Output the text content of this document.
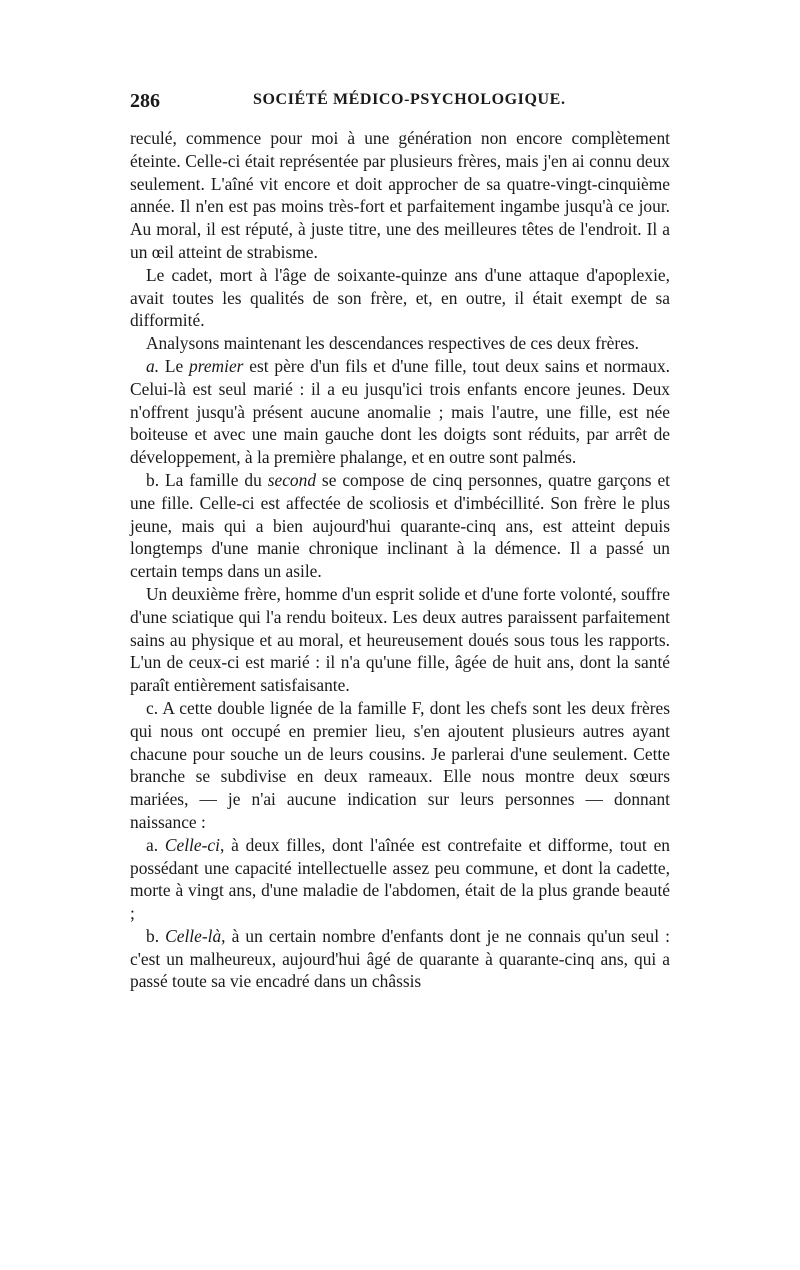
286	SOCIÉTÉ MÉDICO-PSYCHOLOGIQUE.

reculé, commence pour moi à une génération non encore complètement éteinte. Celle-ci était représentée par plusieurs frères, mais j'en ai connu deux seulement. L'aîné vit encore et doit approcher de sa quatre-vingt-cinquième année. Il n'en est pas moins très-fort et parfaitement ingambe jusqu'à ce jour. Au moral, il est réputé, à juste titre, une des meilleures têtes de l'endroit. Il a un œil atteint de strabisme.

Le cadet, mort à l'âge de soixante-quinze ans d'une attaque d'apoplexie, avait toutes les qualités de son frère, et, en outre, il était exempt de sa difformité.

Analysons maintenant les descendances respectives de ces deux frères.

a. Le premier est père d'un fils et d'une fille, tout deux sains et normaux. Celui-là est seul marié : il a eu jusqu'ici trois enfants encore jeunes. Deux n'offrent jusqu'à présent aucune anomalie ; mais l'autre, une fille, est née boiteuse et avec une main gauche dont les doigts sont réduits, par arrêt de développement, à la première phalange, et en outre sont palmés.

b. La famille du second se compose de cinq personnes, quatre garçons et une fille. Celle-ci est affectée de scoliosis et d'imbécillité. Son frère le plus jeune, mais qui a bien aujourd'hui quarante-cinq ans, est atteint depuis longtemps d'une manie chronique inclinant à la démence. Il a passé un certain temps dans un asile.

Un deuxième frère, homme d'un esprit solide et d'une forte volonté, souffre d'une sciatique qui l'a rendu boiteux. Les deux autres paraissent parfaitement sains au physique et au moral, et heureusement doués sous tous les rapports. L'un de ceux-ci est marié : il n'a qu'une fille, âgée de huit ans, dont la santé paraît entièrement satisfaisante.

c. A cette double lignée de la famille F, dont les chefs sont les deux frères qui nous ont occupé en premier lieu, s'en ajoutent plusieurs autres ayant chacune pour souche un de leurs cousins. Je parlerai d'une seulement. Cette branche se subdivise en deux rameaux. Elle nous montre deux sœurs mariées, — je n'ai aucune indication sur leurs personnes — donnant naissance :

a. Celle-ci, à deux filles, dont l'aînée est contrefaite et difforme, tout en possédant une capacité intellectuelle assez peu commune, et dont la cadette, morte à vingt ans, d'une maladie de l'abdomen, était de la plus grande beauté ;

b. Celle-là, à un certain nombre d'enfants dont je ne connais qu'un seul : c'est un malheureux, aujourd'hui âgé de quarante à quarante-cinq ans, qui a passé toute sa vie encadré dans un châssis
